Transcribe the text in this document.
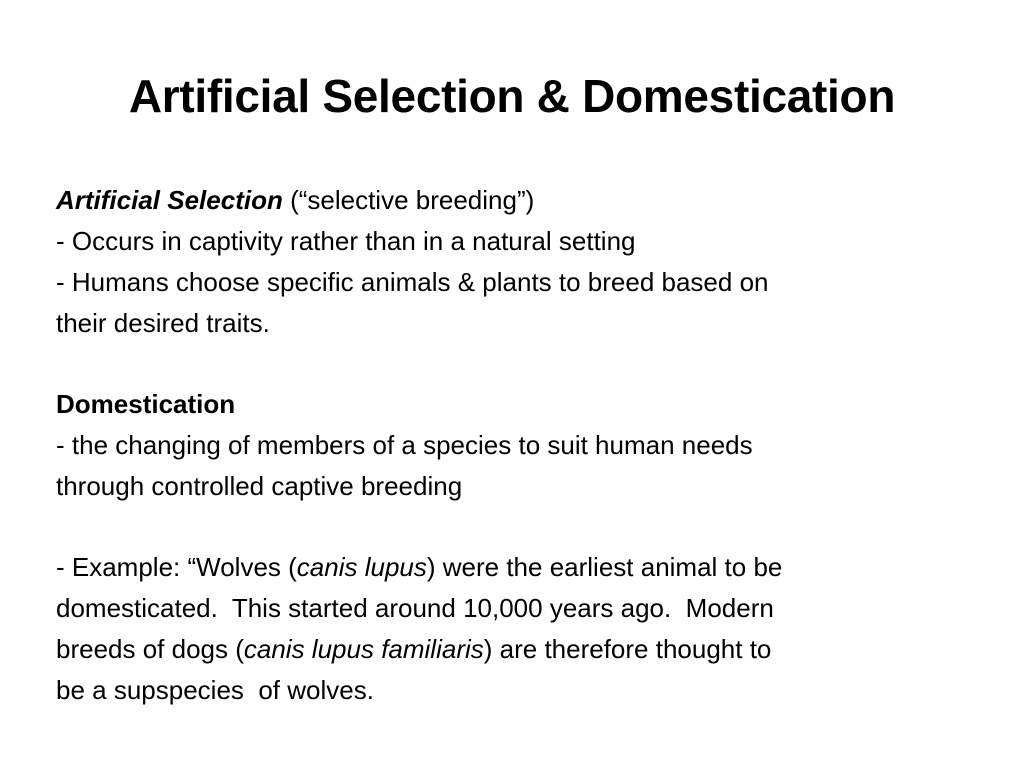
Artificial Selection & Domestication

Artificial Selection (“selective breeding”)

- Occurs in captivity rather than in a natural setting

- Humans choose specific animals & plants to breed based on

their desired traits.

Domestication

- the changing of members of a species to suit human needs

through controlled captive breeding

- Example: “Wolves (canis lupus) were the earliest animal to be

domesticated.  This started around 10,000 years ago.  Modern

breeds of dogs (canis lupus familiaris) are therefore thought to

be a supspecies  of wolves.
